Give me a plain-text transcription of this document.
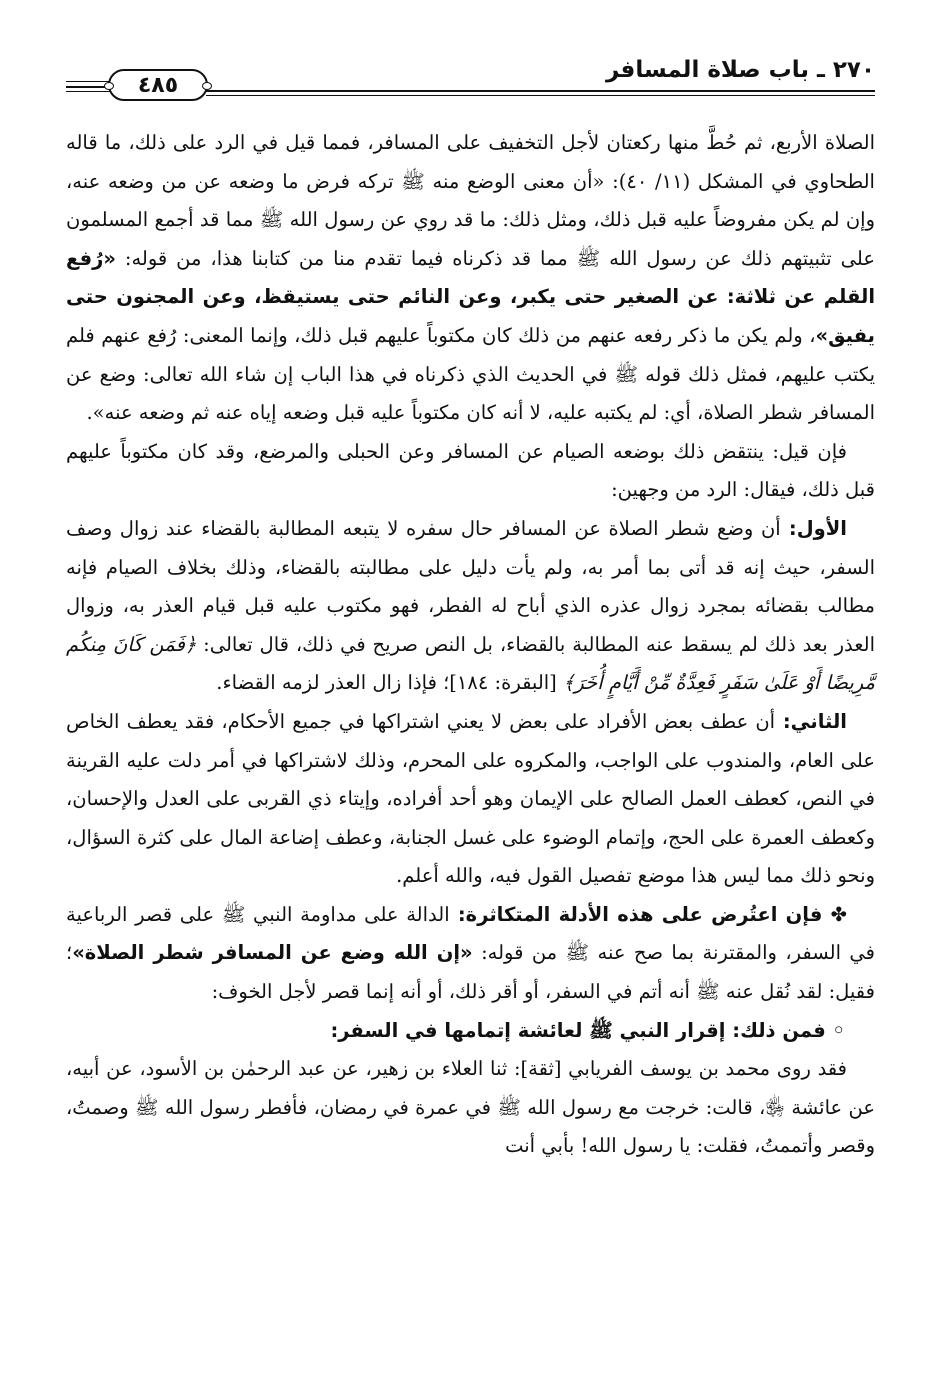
٢٧٠ ـ باب صلاة المسافر
٤٨٥

الصلاة الأربع، ثم حُطَّ منها ركعتان لأجل التخفيف على المسافر، فمما قيل في الرد على ذلك، ما قاله الطحاوي في المشكل (١١/ ٤٠): «أن معنى الوضع منه ﷺ تركه فرض ما وضعه عن من وضعه عنه، وإن لم يكن مفروضاً عليه قبل ذلك، ومثل ذلك: ما قد روي عن رسول الله ﷺ مما قد أجمع المسلمون على تثبيتهم ذلك عن رسول الله ﷺ مما قد ذكرناه فيما تقدم منا من كتابنا هذا، من قوله: «رُفع القلم عن ثلاثة: عن الصغير حتى يكبر، وعن النائم حتى يستيقظ، وعن المجنون حتى يفيق»، ولم يكن ما ذكر رفعه عنهم من ذلك كان مكتوباً عليهم قبل ذلك، وإنما المعنى: رُفع عنهم فلم يكتب عليهم، فمثل ذلك قوله ﷺ في الحديث الذي ذكرناه في هذا الباب إن شاء الله تعالى: وضع عن المسافر شطر الصلاة، أي: لم يكتبه عليه، لا أنه كان مكتوباً عليه قبل وضعه إياه عنه ثم وضعه عنه».

فإن قيل: ينتقض ذلك بوضعه الصيام عن المسافر وعن الحبلى والمرضع، وقد كان مكتوباً عليهم قبل ذلك، فيقال: الرد من وجهين:

الأول: أن وضع شطر الصلاة عن المسافر حال سفره لا يتبعه المطالبة بالقضاء عند زوال وصف السفر، حيث إنه قد أتى بما أمر به، ولم يأت دليل على مطالبته بالقضاء، وذلك بخلاف الصيام فإنه مطالب بقضائه بمجرد زوال عذره الذي أباح له الفطر، فهو مكتوب عليه قبل قيام العذر به، وزوال العذر بعد ذلك لم يسقط عنه المطالبة بالقضاء، بل النص صريح في ذلك، قال تعالى: ﴿فَمَن كَانَ مِنكُم مَّرِيضًا أَوْ عَلَىٰ سَفَرٍ فَعِدَّةٌ مِّنْ أَيَّامٍ أُخَرَ﴾ [البقرة: ١٨٤]؛ فإذا زال العذر لزمه القضاء.

الثاني: أن عطف بعض الأفراد على بعض لا يعني اشتراكها في جميع الأحكام، فقد يعطف الخاص على العام، والمندوب على الواجب، والمكروه على المحرم، وذلك لاشتراكها في أمر دلت عليه القرينة في النص، كعطف العمل الصالح على الإيمان وهو أحد أفراده، وإيتاء ذي القربى على العدل والإحسان، وكعطف العمرة على الحج، وإتمام الوضوء على غسل الجنابة، وعطف إضاعة المال على كثرة السؤال، ونحو ذلك مما ليس هذا موضع تفصيل القول فيه، والله أعلم.

✤ فإن اعتُرض على هذه الأدلة المتكاثرة: الدالة على مداومة النبي ﷺ على قصر الرباعية في السفر، والمقترنة بما صح عنه ﷺ من قوله: «إن الله وضع عن المسافر شطر الصلاة»؛ فقيل: لقد نُقل عنه ﷺ أنه أتم في السفر، أو أقر ذلك، أو أنه إنما قصر لأجل الخوف:

◦ فمن ذلك: إقرار النبي ﷺ لعائشة إتمامها في السفر:

فقد روى محمد بن يوسف الفريابي [ثقة]: ثنا العلاء بن زهير، عن عبد الرحمٰن بن الأسود، عن أبيه، عن عائشة ﵂، قالت: خرجت مع رسول الله ﷺ في عمرة في رمضان، فأفطر رسول الله ﷺ وصمتُ، وقصر وأتممتُ، فقلت: يا رسول الله! بأبي أنت
